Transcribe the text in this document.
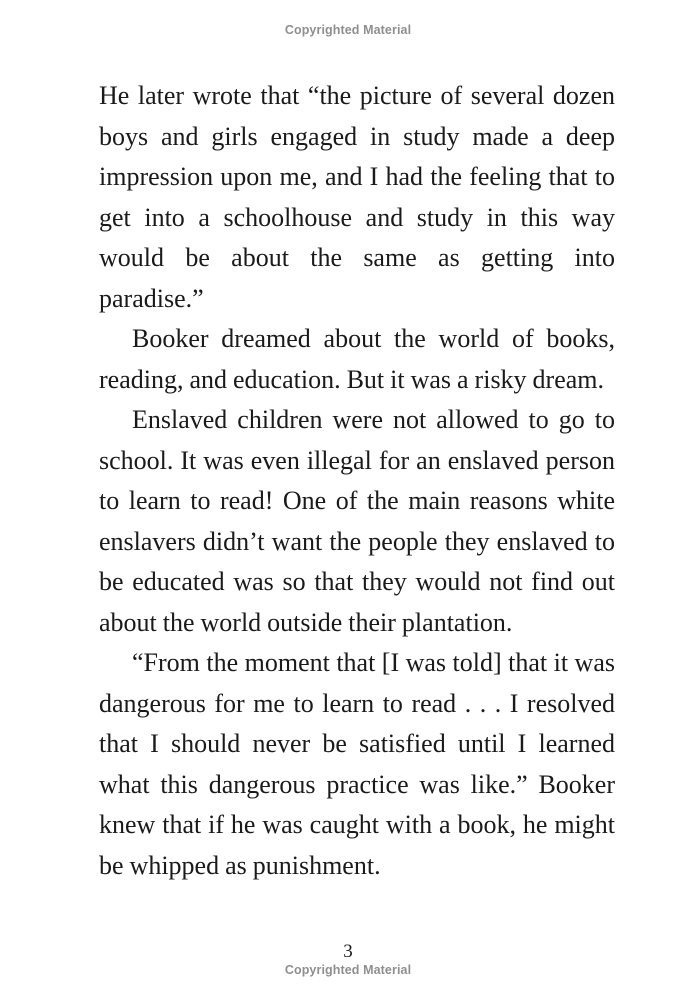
Copyrighted Material

He later wrote that “the picture of several dozen boys and girls engaged in study made a deep impression upon me, and I had the feeling that to get into a schoolhouse and study in this way would be about the same as getting into paradise.”

Booker dreamed about the world of books, reading, and education. But it was a risky dream.

Enslaved children were not allowed to go to school. It was even illegal for an enslaved person to learn to read! One of the main reasons white enslavers didn’t want the people they enslaved to be educated was so that they would not find out about the world outside their plantation.

“From the moment that [I was told] that it was dangerous for me to learn to read . . . I resolved that I should never be satisfied until I learned what this dangerous practice was like.” Booker knew that if he was caught with a book, he might be whipped as punishment.

3
Copyrighted Material
